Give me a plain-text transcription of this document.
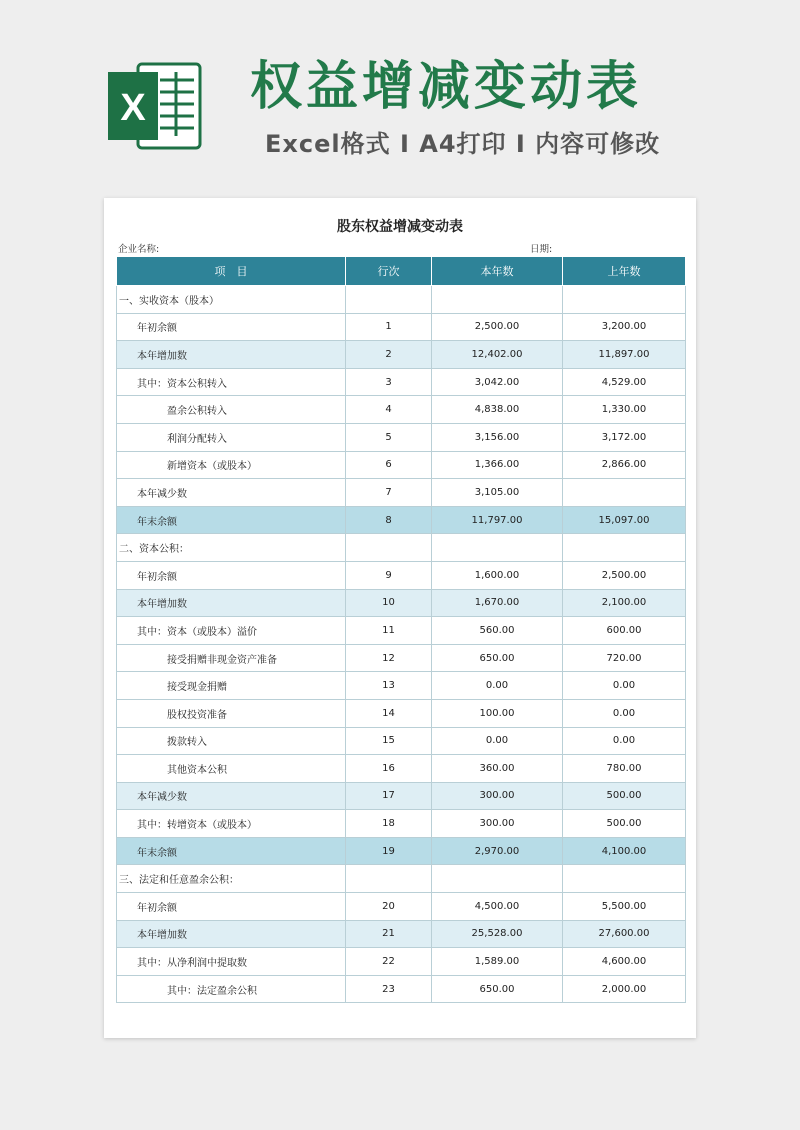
X 权益增减变动表
Excel格式 I A4打印 I 内容可修改
股东权益增减变动表
企业名称:	日期:
项　目	行次	本年数	上年数
一、实收资本（股本）			
年初余额	1	2,500.00	3,200.00
本年增加数	2	12,402.00	11,897.00
其中：资本公积转入	3	3,042.00	4,529.00
盈余公积转入	4	4,838.00	1,330.00
利润分配转入	5	3,156.00	3,172.00
新增资本（或股本）	6	1,366.00	2,866.00
本年减少数	7	3,105.00	
年末余额	8	11,797.00	15,097.00
二、资本公积：			
年初余额	9	1,600.00	2,500.00
本年增加数	10	1,670.00	2,100.00
其中：资本（或股本）溢价	11	560.00	600.00
接受捐赠非现金资产准备	12	650.00	720.00
接受现金捐赠	13	0.00	0.00
股权投资准备	14	100.00	0.00
拨款转入	15	0.00	0.00
其他资本公积	16	360.00	780.00
本年减少数	17	300.00	500.00
其中：转增资本（或股本）	18	300.00	500.00
年末余额	19	2,970.00	4,100.00
三、法定和任意盈余公积：			
年初余额	20	4,500.00	5,500.00
本年增加数	21	25,528.00	27,600.00
其中：从净利润中提取数	22	1,589.00	4,600.00
其中：法定盈余公积	23	650.00	2,000.00
